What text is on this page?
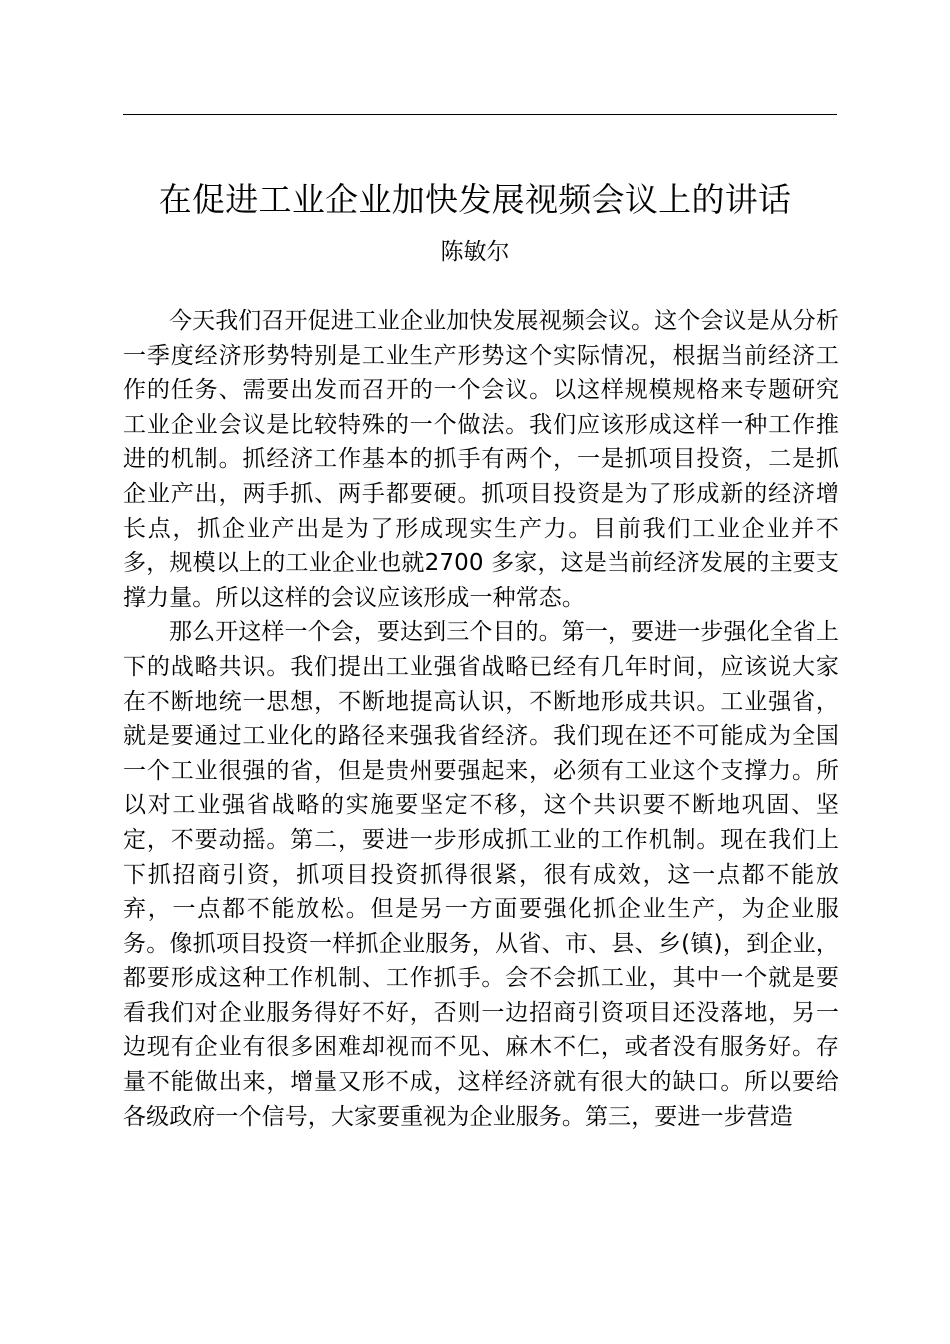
在促进工业企业加快发展视频会议上的讲话
陈敏尔

今天我们召开促进工业企业加快发展视频会议。这个会议是从分析一季度经济形势特别是工业生产形势这个实际情况，根据当前经济工作的任务、需要出发而召开的一个会议。以这样规模规格来专题研究工业企业会议是比较特殊的一个做法。我们应该形成这样一种工作推进的机制。抓经济工作基本的抓手有两个，一是抓项目投资，二是抓企业产出，两手抓、两手都要硬。抓项目投资是为了形成新的经济增长点，抓企业产出是为了形成现实生产力。目前我们工业企业并不多，规模以上的工业企业也就2700 多家，这是当前经济发展的主要支撑力量。所以这样的会议应该形成一种常态。

那么开这样一个会，要达到三个目的。第一，要进一步强化全省上下的战略共识。我们提出工业强省战略已经有几年时间，应该说大家在不断地统一思想，不断地提高认识，不断地形成共识。工业强省，就是要通过工业化的路径来强我省经济。我们现在还不可能成为全国一个工业很强的省，但是贵州要强起来，必须有工业这个支撑力。所以对工业强省战略的实施要坚定不移，这个共识要不断地巩固、坚定，不要动摇。第二，要进一步形成抓工业的工作机制。现在我们上下抓招商引资，抓项目投资抓得很紧，很有成效，这一点都不能放弃，一点都不能放松。但是另一方面要强化抓企业生产，为企业服务。像抓项目投资一样抓企业服务，从省、市、县、乡(镇)，到企业，都要形成这种工作机制、工作抓手。会不会抓工业，其中一个就是要看我们对企业服务得好不好，否则一边招商引资项目还没落地，另一边现有企业有很多困难却视而不见、麻木不仁，或者没有服务好。存量不能做出来，增量又形不成，这样经济就有很大的缺口。所以要给各级政府一个信号，大家要重视为企业服务。第三，要进一步营造
